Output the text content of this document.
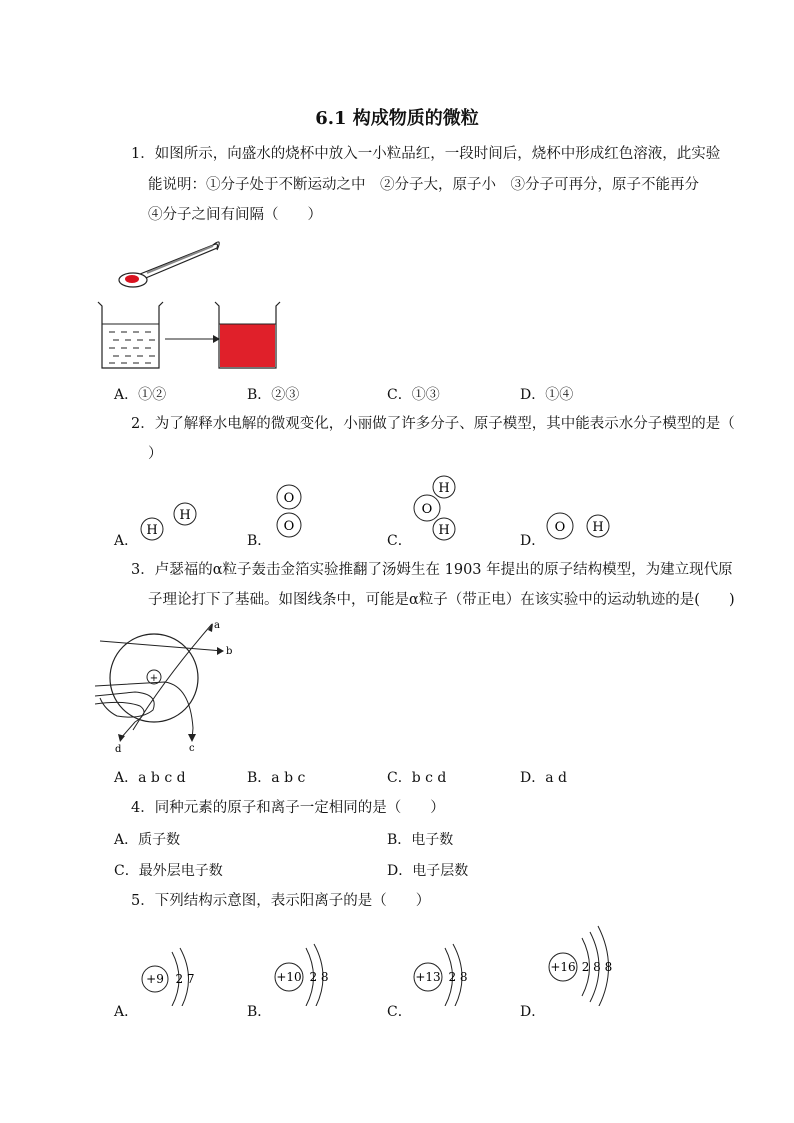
6.1 构成物质的微粒
1．如图所示，向盛水的烧杯中放入一小粒品红，一段时间后，烧杯中形成红色溶液，此实验
能说明：①分子处于不断运动之中　②分子大，原子小　③分子可再分，原子不能再分
④分子之间有间隔（　　）
A．①②	B．②③	C．①③	D．①④
2．为了解释水电解的微观变化，小丽做了许多分子、原子模型，其中能表示水分子模型的是（
）
A．	B．	C．	D．
H
H
O
O
H
O
H	O H
3．卢瑟福的α粒子轰击金箔实验推翻了汤姆生在 1903 年提出的原子结构模型，为建立现代原
子理论打下了基础。如图线条中，可能是α粒子（带正电）在该实验中的运动轨迹的是(　　)
+
b
a
c
d
A．a b c d	B．a b c	C．b c d	D．a d
4．同种元素的原子和离子一定相同的是（　　）
A．质子数	B．电子数
C．最外层电子数	D．电子层数
5．下列结构示意图，表示阳离子的是（　　）
+9 2 7	+10 2 8	+13 2 8
+16 2 8 8
A．	B．	C．	D．
